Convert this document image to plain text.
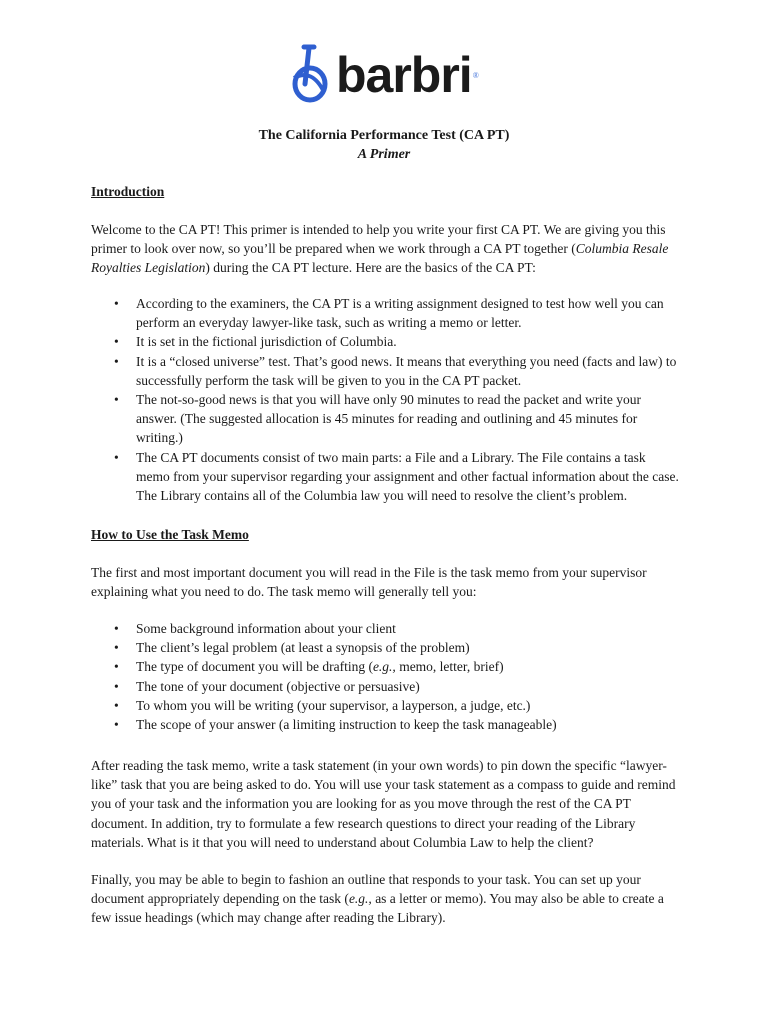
barbri ®
The California Performance Test (CA PT)
A Primer
Introduction

Welcome to the CA PT! This primer is intended to help you write your first CA PT. We are giving you this primer to look over now, so you’ll be prepared when we work through a CA PT together (Columbia Resale Royalties Legislation) during the CA PT lecture. Here are the basics of the CA PT:

• According to the examiners, the CA PT is a writing assignment designed to test how well you can perform an everyday lawyer-like task, such as writing a memo or letter.
• It is set in the fictional jurisdiction of Columbia.
• It is a “closed universe” test. That’s good news. It means that everything you need (facts and law) to successfully perform the task will be given to you in the CA PT packet.
• The not-so-good news is that you will have only 90 minutes to read the packet and write your answer. (The suggested allocation is 45 minutes for reading and outlining and 45 minutes for writing.)
• The CA PT documents consist of two main parts: a File and a Library. The File contains a task memo from your supervisor regarding your assignment and other factual information about the case. The Library contains all of the Columbia law you will need to resolve the client’s problem.
How to Use the Task Memo

The first and most important document you will read in the File is the task memo from your supervisor explaining what you need to do. The task memo will generally tell you:

• Some background information about your client
• The client’s legal problem (at least a synopsis of the problem)
• The type of document you will be drafting (e.g., memo, letter, brief)
• The tone of your document (objective or persuasive)
• To whom you will be writing (your supervisor, a layperson, a judge, etc.)
• The scope of your answer (a limiting instruction to keep the task manageable)

After reading the task memo, write a task statement (in your own words) to pin down the specific “lawyer-like” task that you are being asked to do. You will use your task statement as a compass to guide and remind you of your task and the information you are looking for as you move through the rest of the CA PT document. In addition, try to formulate a few research questions to direct your reading of the Library materials. What is it that you will need to understand about Columbia Law to help the client?

Finally, you may be able to begin to fashion an outline that responds to your task. You can set up your document appropriately depending on the task (e.g., as a letter or memo). You may also be able to create a few issue headings (which may change after reading the Library).
